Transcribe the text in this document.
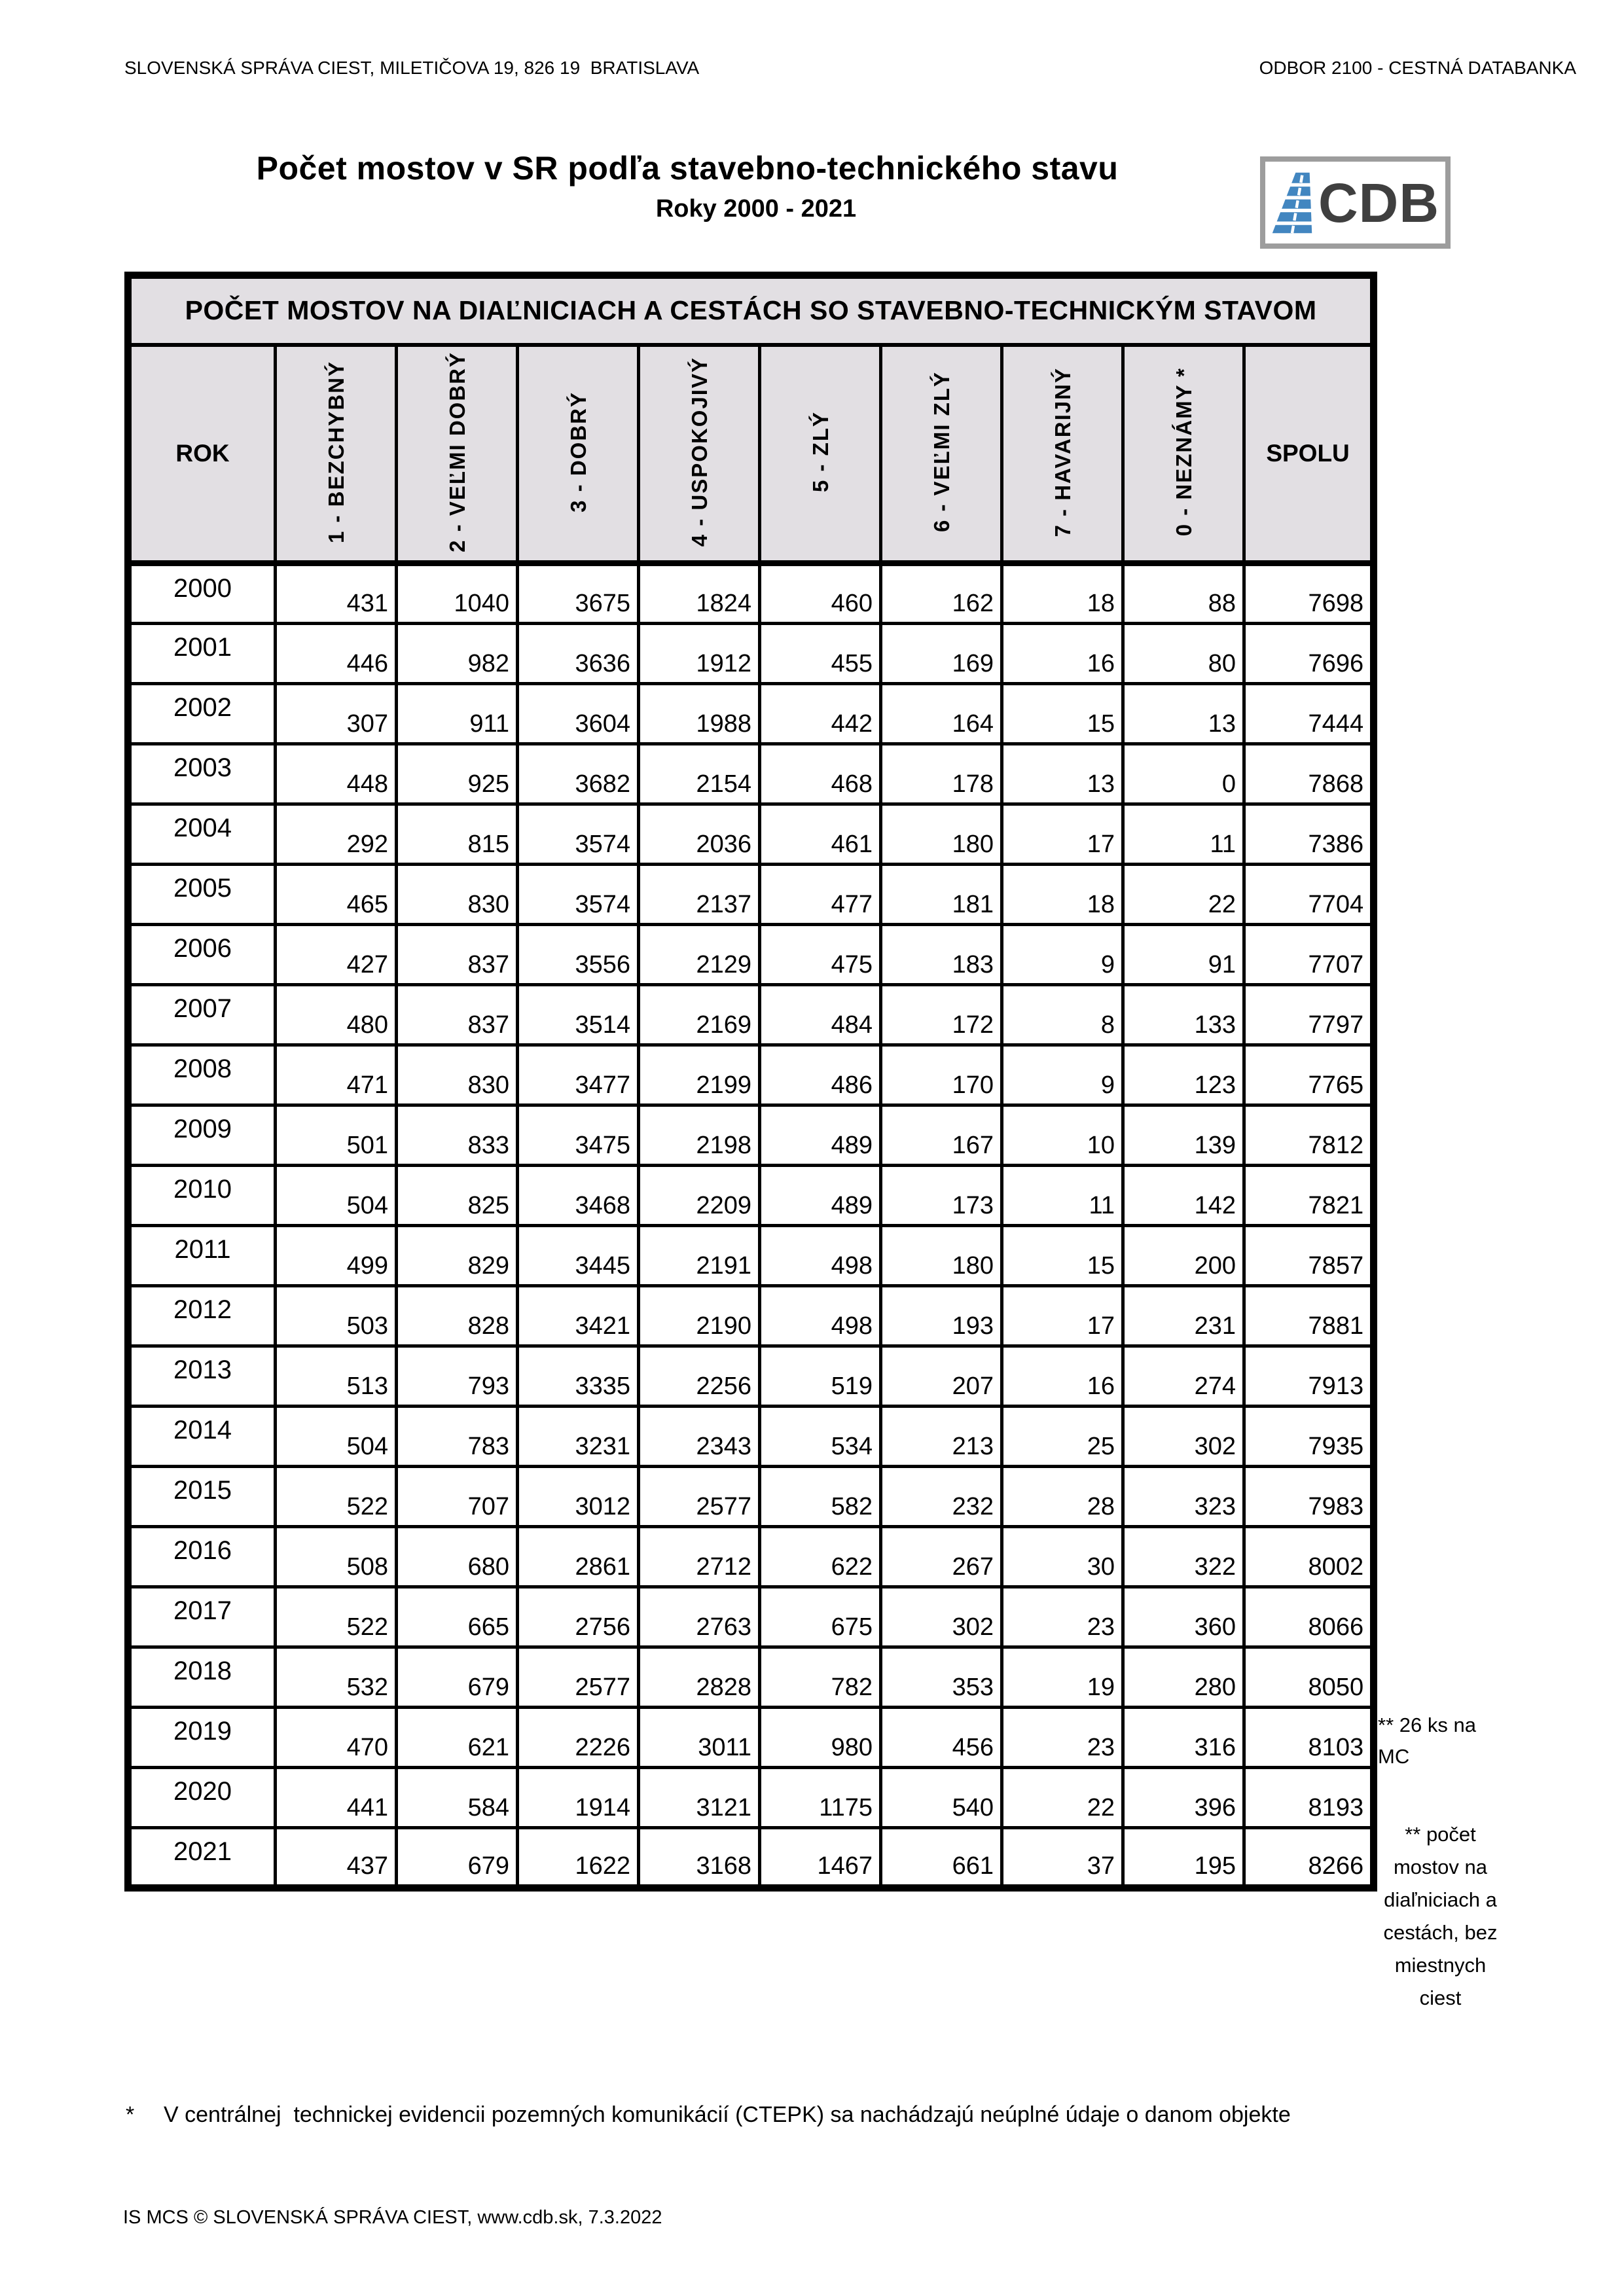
SLOVENSKÁ SPRÁVA CIEST, MILETIČOVA 19, 826 19  BRATISLAVA	ODBOR 2100 - CESTNÁ DATABANKA
Počet mostov v SR podľa stavebno-technického stavu
Roky 2000 - 2021	CDB
POČET MOSTOV NA DIAĽNICIACH A CESTÁCH SO STAVEBNO-TECHNICKÝM STAVOM									
ROK	1 - BEZCHYBNÝ	2 - VEĽMI DOBRÝ	3 - DOBRÝ	4 - USPOKOJIVÝ	5 - ZLÝ	6 - VEĽMI ZLÝ	7 - HAVARIJNÝ	0 - NEZNÁMY *	SPOLU
2000	431	1040	3675	1824	460	162	18	88	7698
2001	446	982	3636	1912	455	169	16	80	7696
2002	307	911	3604	1988	442	164	15	13	7444
2003	448	925	3682	2154	468	178	13	0	7868
2004	292	815	3574	2036	461	180	17	11	7386
2005	465	830	3574	2137	477	181	18	22	7704
2006	427	837	3556	2129	475	183	9	91	7707
2007	480	837	3514	2169	484	172	8	133	7797
2008	471	830	3477	2199	486	170	9	123	7765
2009	501	833	3475	2198	489	167	10	139	7812
2010	504	825	3468	2209	489	173	11	142	7821
2011	499	829	3445	2191	498	180	15	200	7857
2012	503	828	3421	2190	498	193	17	231	7881
2013	513	793	3335	2256	519	207	16	274	7913
2014	504	783	3231	2343	534	213	25	302	7935
2015	522	707	3012	2577	582	232	28	323	7983
2016	508	680	2861	2712	622	267	30	322	8002
2017	522	665	2756	2763	675	302	23	360	8066
2018	532	679	2577	2828	782	353	19	280	8050
2019	470	621	2226	3011	980	456	23	316	8103
2020	441	584	1914	3121	1175	540	22	396	8193
2021	437	679	1622	3168	1467	661	37	195	8266
** 26 ks na MC
** počet mostov na diaľniciach a cestách, bez miestnych ciest
* V centrálnej  technickej evidencii pozemných komunikácií (CTEPK) sa nachádzajú neúplné údaje o danom objekte
IS MCS © SLOVENSKÁ SPRÁVA CIEST, www.cdb.sk, 7.3.2022
